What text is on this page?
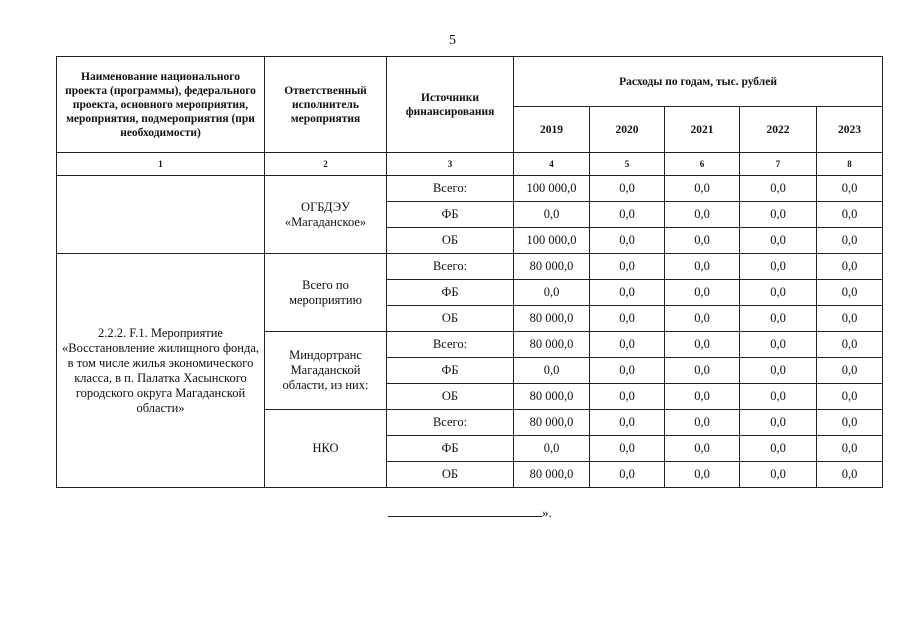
5
Наименование национального проекта (программы), федерального проекта, основного мероприятия, мероприятия, подмероприятия (при необходимости)	Ответственный исполнитель мероприятия	Источники финансирования	Расходы по годам, тыс. рублей				
			2019	2020	2021	2022	2023
1	2	3	4	5	6	7	8
	ОГБДЭУ «Магаданское»	Всего:	100 000,0	0,0	0,0	0,0	0,0
		ФБ	0,0	0,0	0,0	0,0	0,0
		ОБ	100 000,0	0,0	0,0	0,0	0,0
2.2.2. F.1. Мероприятие «Восстановление жилищного фонда, в том числе жилья экономического класса, в п. Палатка Хасынского городского округа Магаданской области»	Всего по мероприятию	Всего:	80 000,0	0,0	0,0	0,0	0,0
		ФБ	0,0	0,0	0,0	0,0	0,0
		ОБ	80 000,0	0,0	0,0	0,0	0,0
	Миндортранс Магаданской области, из них:	Всего:	80 000,0	0,0	0,0	0,0	0,0
		ФБ	0,0	0,0	0,0	0,0	0,0
		ОБ	80 000,0	0,0	0,0	0,0	0,0
	НКО	Всего:	80 000,0	0,0	0,0	0,0	0,0
		ФБ	0,0	0,0	0,0	0,0	0,0
		ОБ	80 000,0	0,0	0,0	0,0	0,0
».
